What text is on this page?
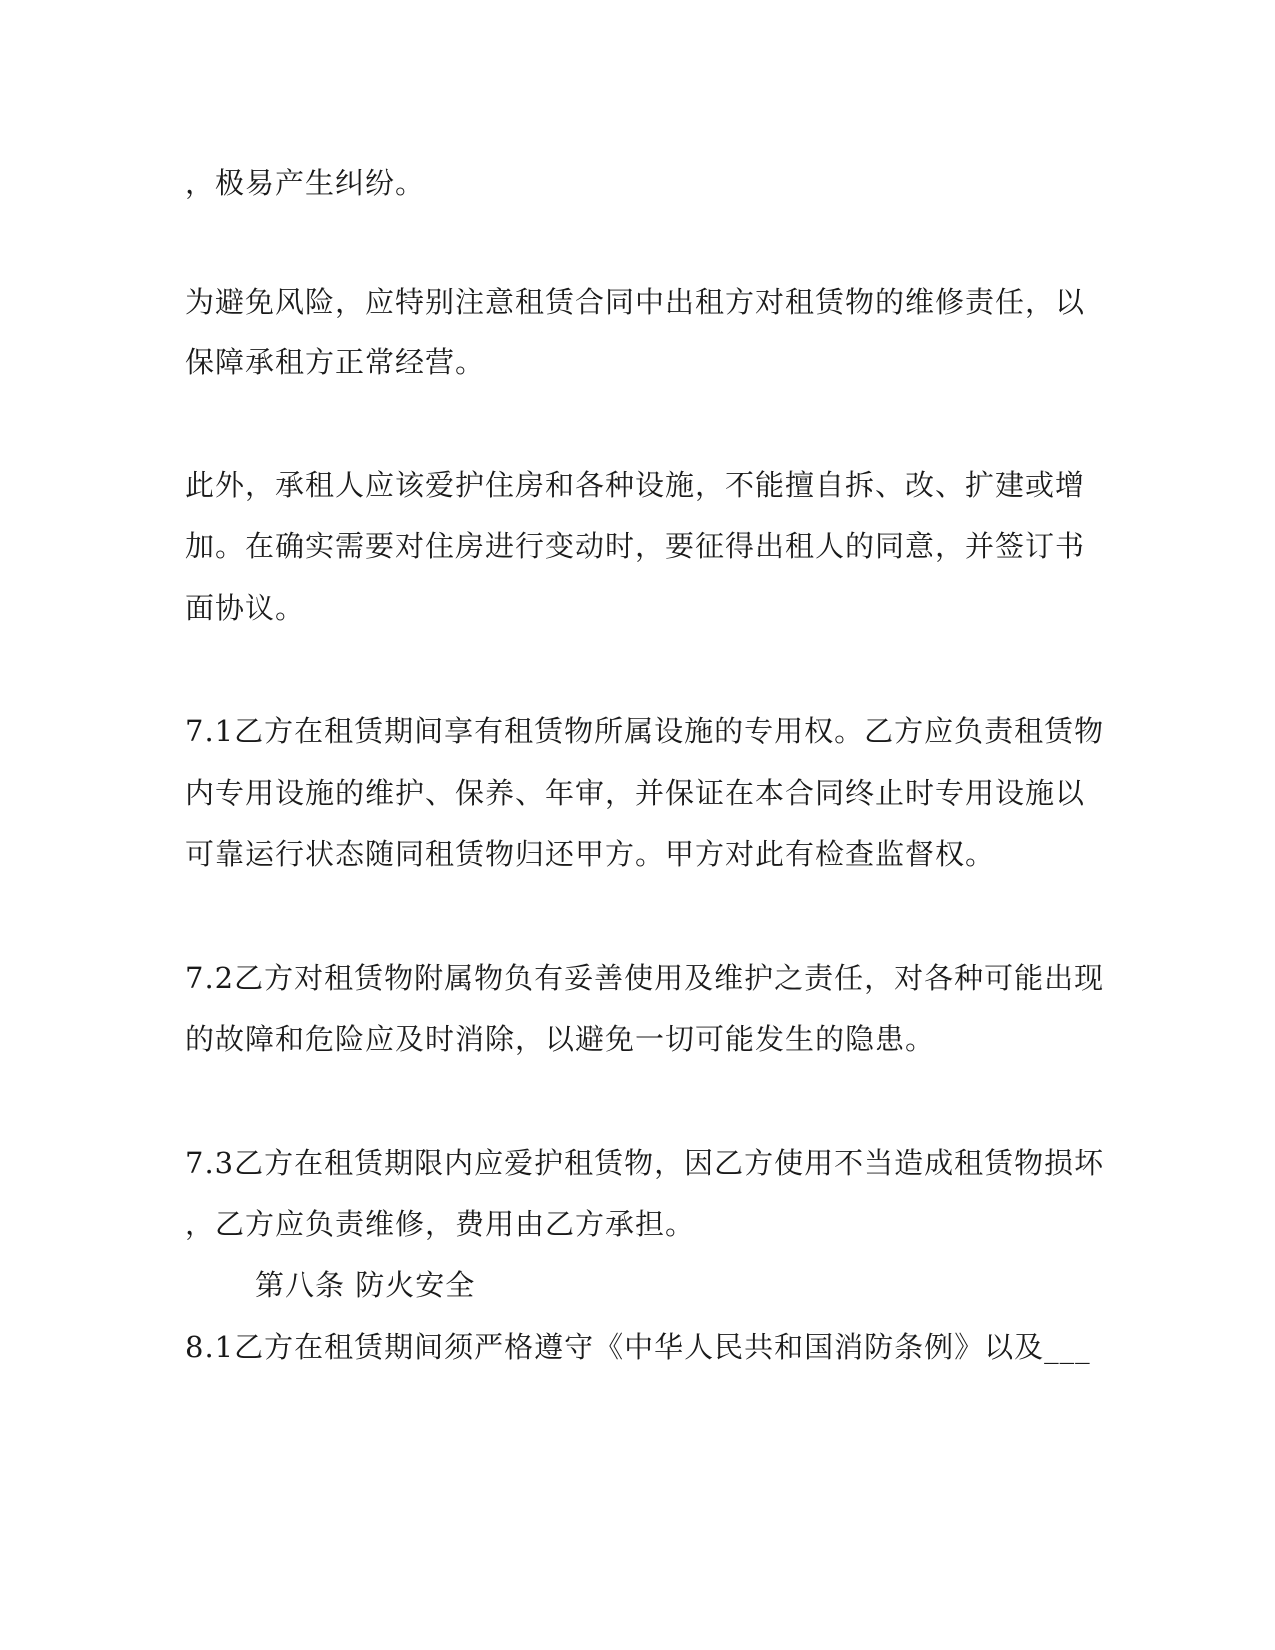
，极易产生纠纷。
为避免风险，应特别注意租赁合同中出租方对租赁物的维修责任，以
保障承租方正常经营。
此外，承租人应该爱护住房和各种设施，不能擅自拆、改、扩建或增
加。在确实需要对住房进行变动时，要征得出租人的同意，并签订书
面协议。
7.1乙方在租赁期间享有租赁物所属设施的专用权。乙方应负责租赁物
内专用设施的维护、保养、年审，并保证在本合同终止时专用设施以
可靠运行状态随同租赁物归还甲方。甲方对此有检查监督权。
7.2乙方对租赁物附属物负有妥善使用及维护之责任，对各种可能出现
的故障和危险应及时消除，以避免一切可能发生的隐患。
7.3乙方在租赁期限内应爱护租赁物，因乙方使用不当造成租赁物损坏
，乙方应负责维修，费用由乙方承担。
第八条 防火安全
8.1乙方在租赁期间须严格遵守《中华人民共和国消防条例》以及___
